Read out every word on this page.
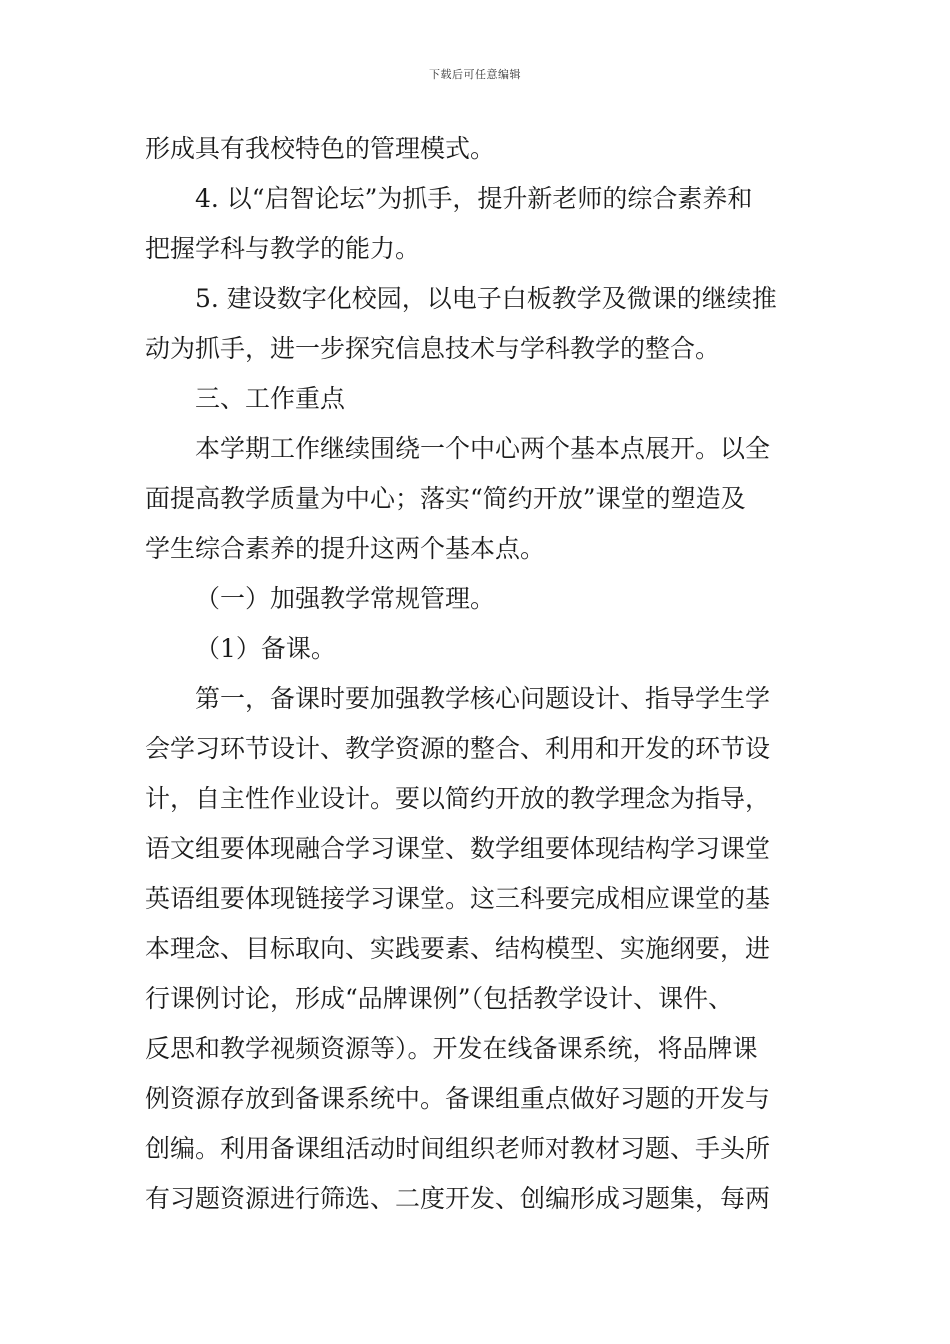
下载后可任意编辑
形成具有我校特色的管理模式。
4. 以“启智论坛”为抓手，提升新老师的综合素养和
把握学科与教学的能力。
5. 建设数字化校园，以电子白板教学及微课的继续推
动为抓手，进一步探究信息技术与学科教学的整合。
三、工作重点
本学期工作继续围绕一个中心两个基本点展开。以全
面提高教学质量为中心；落实“简约开放”课堂的塑造及
学生综合素养的提升这两个基本点。
（一）加强教学常规管理。
（1）备课。
第一，备课时要加强教学核心问题设计、指导学生学
会学习环节设计、教学资源的整合、利用和开发的环节设
计，自主性作业设计。要以简约开放的教学理念为指导，
语文组要体现融合学习课堂、数学组要体现结构学习课堂
英语组要体现链接学习课堂。这三科要完成相应课堂的基
本理念、目标取向、实践要素、结构模型、实施纲要，进
行课例讨论，形成“品牌课例”（包括教学设计、课件、
反思和教学视频资源等）。开发在线备课系统，将品牌课
例资源存放到备课系统中。备课组重点做好习题的开发与
创编。利用备课组活动时间组织老师对教材习题、手头所
有习题资源进行筛选、二度开发、创编形成习题集，每两
